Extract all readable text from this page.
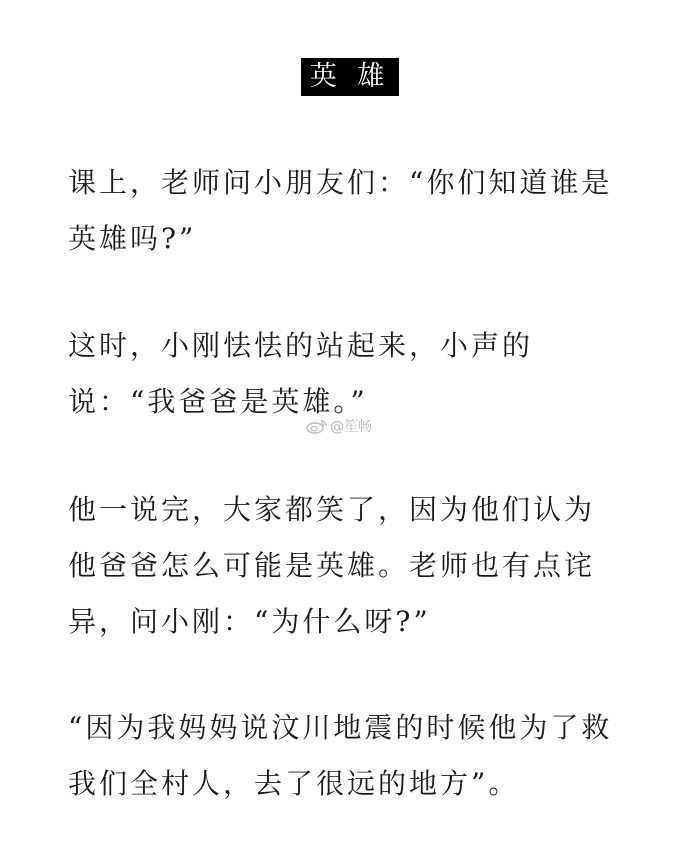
英 雄
课上，老师问小朋友们：“你们知道谁是
英雄吗?”
这时，小刚怯怯的站起来，小声的
说：“我爸爸是英雄。”
@笙畅
他一说完，大家都笑了，因为他们认为
他爸爸怎么可能是英雄。老师也有点诧
异，问小刚：“为什么呀?”
“因为我妈妈说汶川地震的时候他为了救
我们全村人，去了很远的地方”。
